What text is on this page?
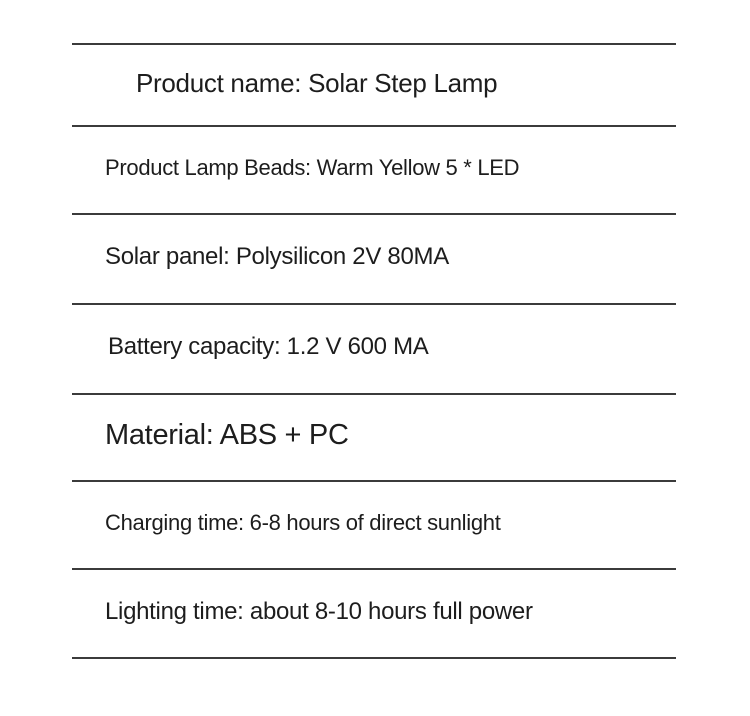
Product name: Solar Step Lamp
Product Lamp Beads: Warm Yellow 5 * LED
Solar panel: Polysilicon 2V 80MA
Battery capacity: 1.2 V 600 MA
Material: ABS + PC
Charging time: 6-8 hours of direct sunlight
Lighting time: about 8-10 hours full power
